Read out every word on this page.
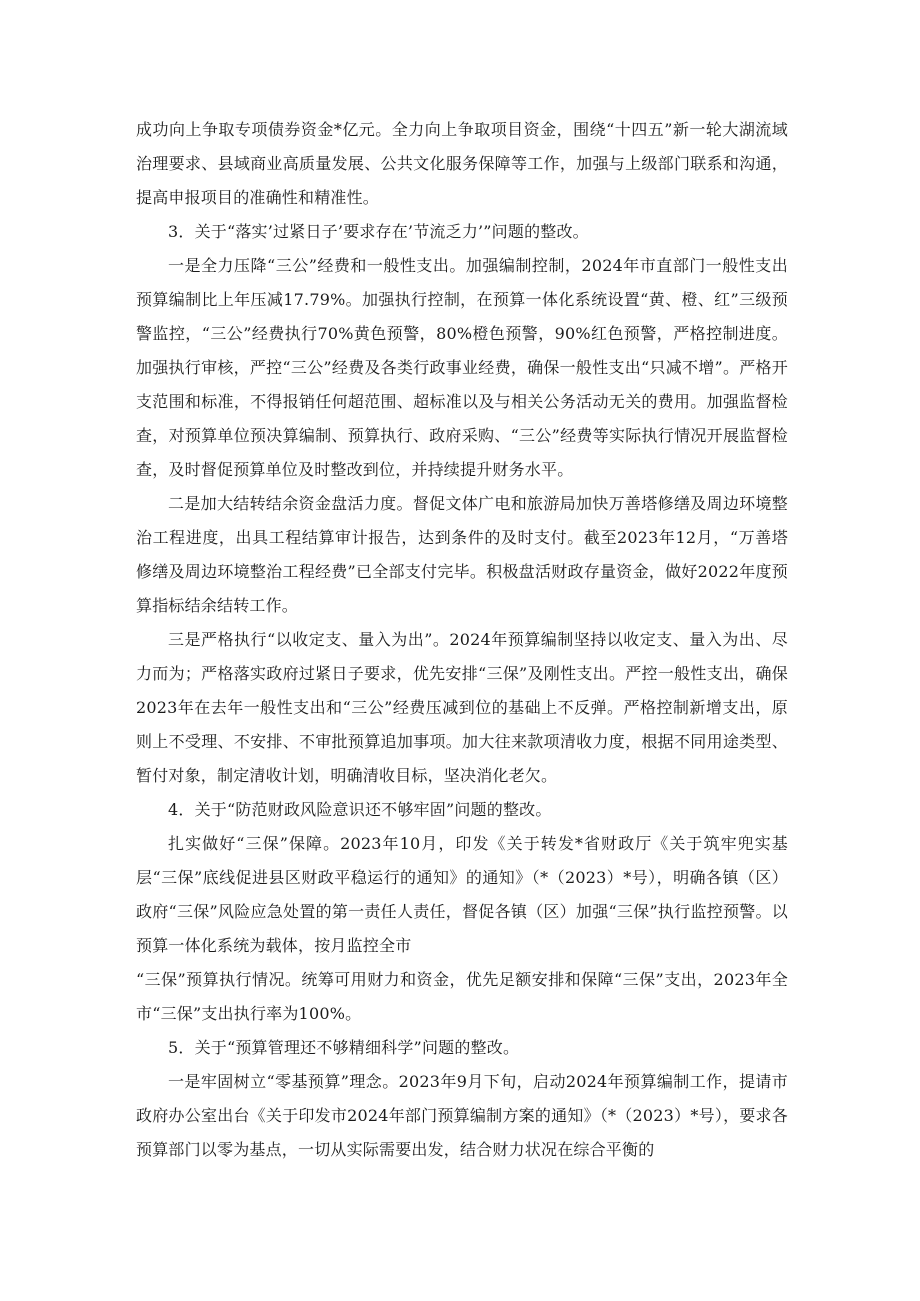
成功向上争取专项债券资金*亿元。全力向上争取项目资金，围绕“十四五”新一轮大湖流域治理要求、县域商业高质量发展、公共文化服务保障等工作，加强与上级部门联系和沟通，提高申报项目的准确性和精准性。

3．关于“落实’过紧日子’要求存在’节流乏力’”问题的整改。

一是全力压降“三公”经费和一般性支出。加强编制控制，2024年市直部门一般性支出预算编制比上年压减17.79%。加强执行控制，在预算一体化系统设置“黄、橙、红”三级预警监控，“三公”经费执行70%黄色预警，80%橙色预警，90%红色预警，严格控制进度。加强执行审核，严控“三公”经费及各类行政事业经费，确保一般性支出“只减不增”。严格开支范围和标准，不得报销任何超范围、超标准以及与相关公务活动无关的费用。加强监督检查，对预算单位预决算编制、预算执行、政府采购、“三公”经费等实际执行情况开展监督检查，及时督促预算单位及时整改到位，并持续提升财务水平。

二是加大结转结余资金盘活力度。督促文体广电和旅游局加快万善塔修缮及周边环境整治工程进度，出具工程结算审计报告，达到条件的及时支付。截至2023年12月，“万善塔修缮及周边环境整治工程经费”已全部支付完毕。积极盘活财政存量资金，做好2022年度预算指标结余结转工作。

三是严格执行“以收定支、量入为出”。2024年预算编制坚持以收定支、量入为出、尽力而为；严格落实政府过紧日子要求，优先安排“三保”及刚性支出。严控一般性支出，确保2023年在去年一般性支出和“三公”经费压减到位的基础上不反弹。严格控制新增支出，原则上不受理、不安排、不审批预算追加事项。加大往来款项清收力度，根据不同用途类型、暂付对象，制定清收计划，明确清收目标，坚决消化老欠。

4．关于“防范财政风险意识还不够牢固”问题的整改。

扎实做好“三保”保障。2023年10月，印发《关于转发*省财政厅《关于筑牢兜实基层“三保”底线促进县区财政平稳运行的通知》的通知》（*（2023）*号），明确各镇（区）政府“三保”风险应急处置的第一责任人责任，督促各镇（区）加强“三保”执行监控预警。以预算一体化系统为载体，按月监控全市

“三保”预算执行情况。统筹可用财力和资金，优先足额安排和保障“三保”支出，2023年全市“三保”支出执行率为100%。

5．关于“预算管理还不够精细科学”问题的整改。

一是牢固树立“零基预算”理念。2023年9月下旬，启动2024年预算编制工作，提请市政府办公室出台《关于印发市2024年部门预算编制方案的通知》（*（2023）*号），要求各预算部门以零为基点，一切从实际需要出发，结合财力状况在综合平衡的
